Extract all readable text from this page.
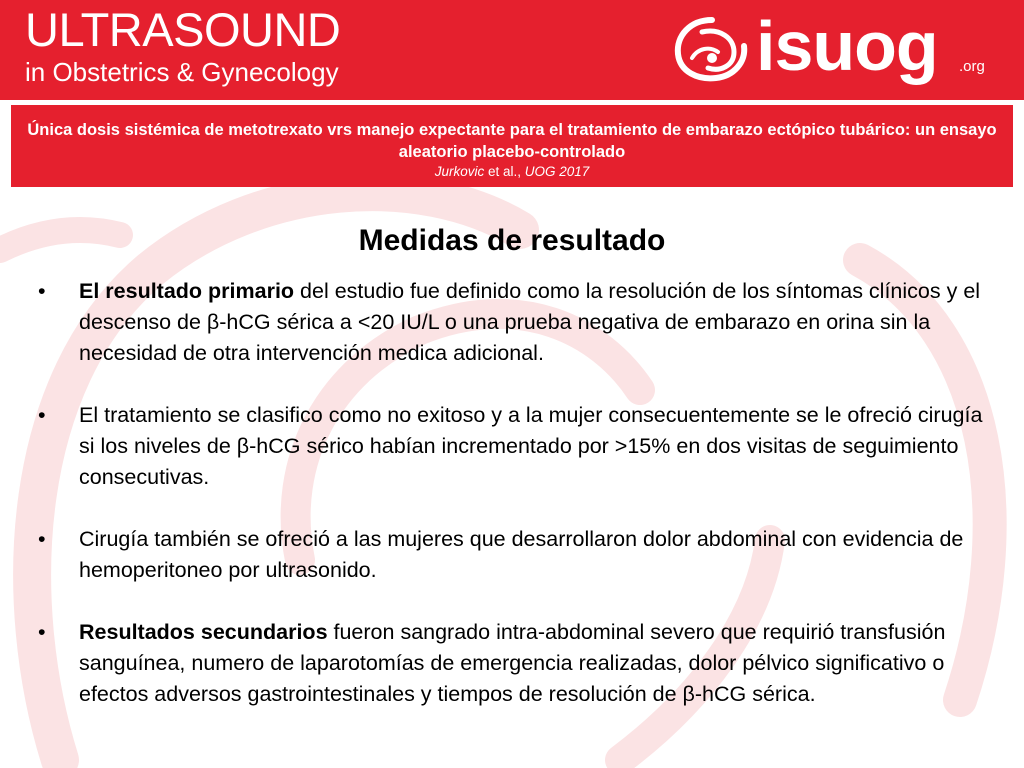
ULTRASOUND
in Obstetrics & Gynecology	isuog .org
Única dosis sistémica de metotrexato vrs manejo expectante para el tratamiento de embarazo ectópico tubárico: un ensayo aleatorio placebo-controlado
Jurkovic et al., UOG 2017
Medidas de resultado
• El resultado primario del estudio fue definido como la resolución de los síntomas clínicos y el descenso de β-hCG sérica a <20 IU/L o una prueba negativa de embarazo en orina sin la necesidad de otra intervención medica adicional.
• El tratamiento se clasifico como no exitoso y a la mujer consecuentemente se le ofreció cirugía si los niveles de β-hCG sérico habían incrementado por >15% en dos visitas de seguimiento consecutivas.
• Cirugía también se ofreció a las mujeres que desarrollaron dolor abdominal con evidencia de hemoperitoneo por ultrasonido.
• Resultados secundarios fueron sangrado intra-abdominal severo que requirió transfusión sanguínea, numero de laparotomías de emergencia realizadas, dolor pélvico significativo o efectos adversos gastrointestinales y tiempos de resolución de β-hCG sérica.
